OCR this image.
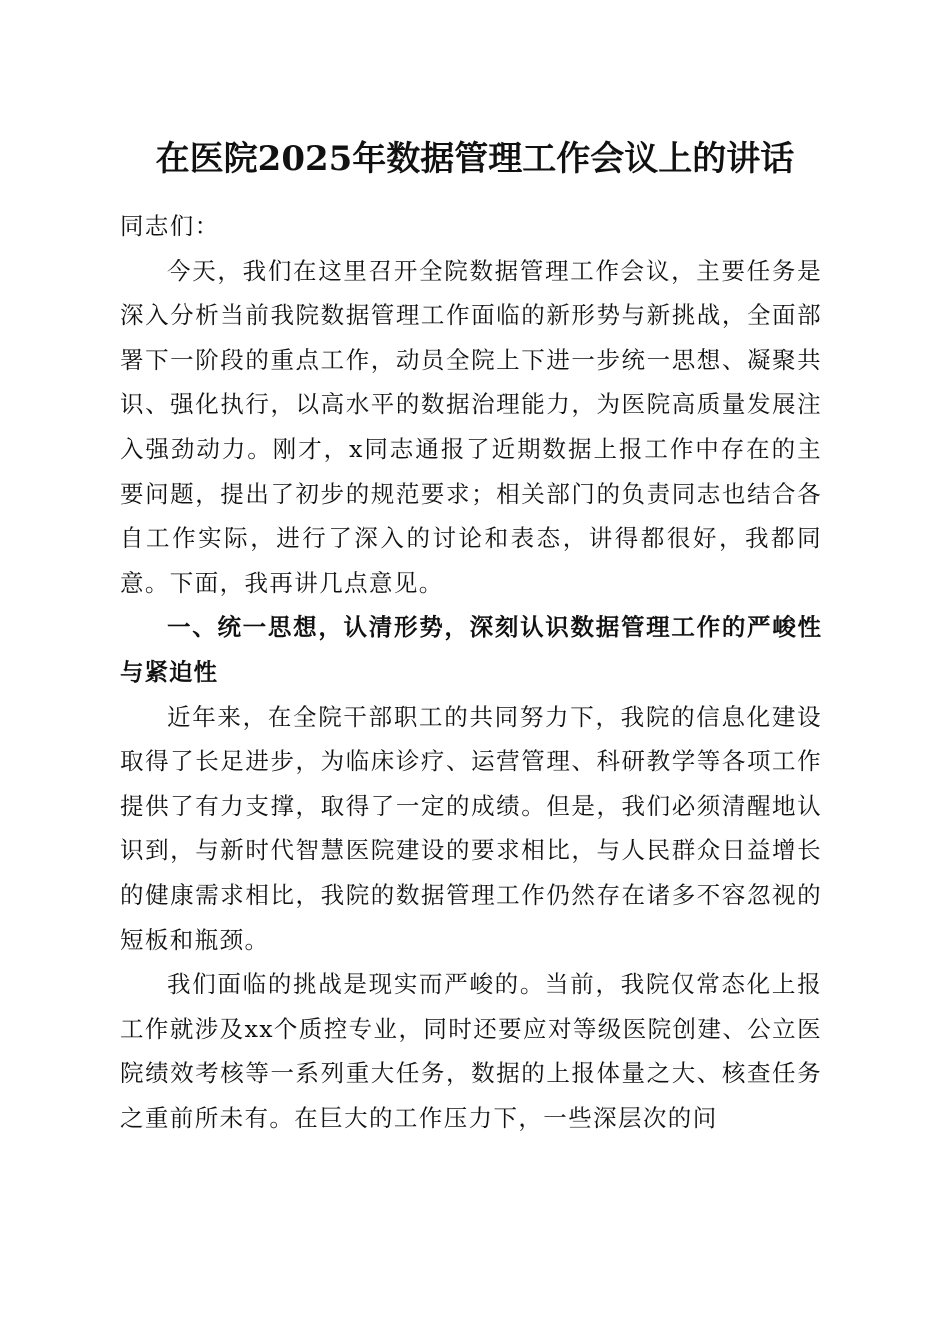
在医院2025年数据管理工作会议上的讲话

同志们：

今天，我们在这里召开全院数据管理工作会议，主要任务是深入分析当前我院数据管理工作面临的新形势与新挑战，全面部署下一阶段的重点工作，动员全院上下进一步统一思想、凝聚共识、强化执行，以高水平的数据治理能力，为医院高质量发展注入强劲动力。刚才，x同志通报了近期数据上报工作中存在的主要问题，提出了初步的规范要求；相关部门的负责同志也结合各自工作实际，进行了深入的讨论和表态，讲得都很好，我都同意。下面，我再讲几点意见。

一、统一思想，认清形势，深刻认识数据管理工作的严峻性与紧迫性

近年来，在全院干部职工的共同努力下，我院的信息化建设取得了长足进步，为临床诊疗、运营管理、科研教学等各项工作提供了有力支撑，取得了一定的成绩。但是，我们必须清醒地认识到，与新时代智慧医院建设的要求相比，与人民群众日益增长的健康需求相比，我院的数据管理工作仍然存在诸多不容忽视的短板和瓶颈。

我们面临的挑战是现实而严峻的。当前，我院仅常态化上报工作就涉及xx个质控专业，同时还要应对等级医院创建、公立医院绩效考核等一系列重大任务，数据的上报体量之大、核查任务之重前所未有。在巨大的工作压力下，一些深层次的问
